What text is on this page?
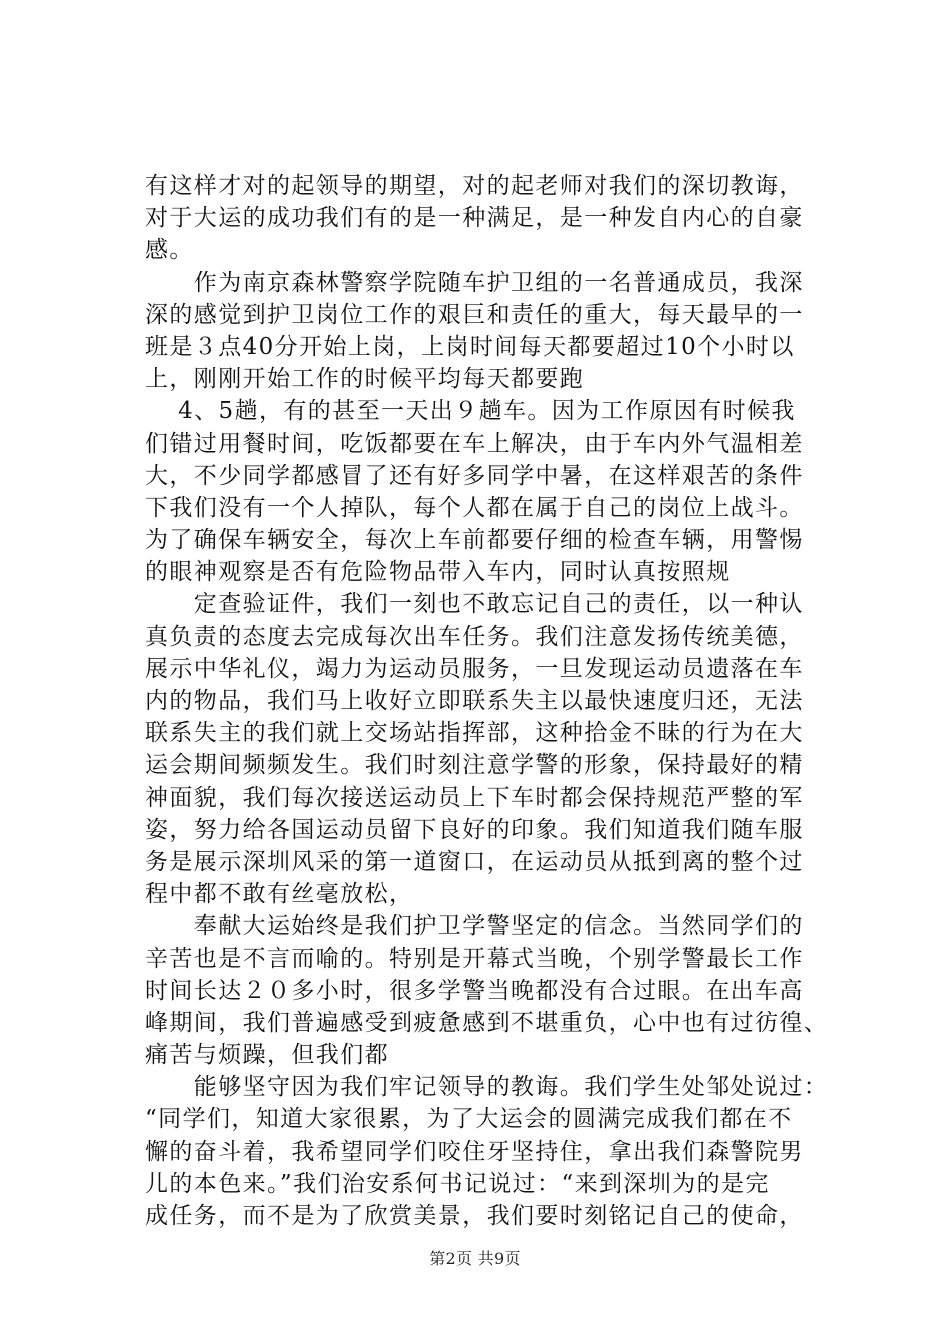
有这样才对的起领导的期望，对的起老师对我们的深切教诲，
对于大运的成功我们有的是一种满足，是一种发自内心的自豪
感。
　　作为南京森林警察学院随车护卫组的一名普通成员，我深
深的感觉到护卫岗位工作的艰巨和责任的重大，每天最早的一
班是３点40分开始上岗，上岗时间每天都要超过10个小时以
上，刚刚开始工作的时候平均每天都要跑
　 4、5趟，有的甚至一天出９趟车。因为工作原因有时候我
们错过用餐时间，吃饭都要在车上解决，由于车内外气温相差
大，不少同学都感冒了还有好多同学中暑，在这样艰苦的条件
下我们没有一个人掉队，每个人都在属于自己的岗位上战斗。
为了确保车辆安全，每次上车前都要仔细的检查车辆，用警惕
的眼神观察是否有危险物品带入车内，同时认真按照规
　　定查验证件，我们一刻也不敢忘记自己的责任，以一种认
真负责的态度去完成每次出车任务。我们注意发扬传统美德，
展示中华礼仪，竭力为运动员服务，一旦发现运动员遗落在车
内的物品，我们马上收好立即联系失主以最快速度归还，无法
联系失主的我们就上交场站指挥部，这种拾金不昧的行为在大
运会期间频频发生。我们时刻注意学警的形象，保持最好的精
神面貌，我们每次接送运动员上下车时都会保持规范严整的军
姿，努力给各国运动员留下良好的印象。我们知道我们随车服
务是展示深圳风采的第一道窗口，在运动员从抵到离的整个过
程中都不敢有丝毫放松，
　　奉献大运始终是我们护卫学警坚定的信念。当然同学们的
辛苦也是不言而喻的。特别是开幕式当晚，个别学警最长工作
时间长达２０多小时，很多学警当晚都没有合过眼。在出车高
峰期间，我们普遍感受到疲惫感到不堪重负，心中也有过彷徨、
痛苦与烦躁，但我们都
　　能够坚守因为我们牢记领导的教诲。我们学生处邹处说过：
“同学们，知道大家很累，为了大运会的圆满完成我们都在不
懈的奋斗着，我希望同学们咬住牙坚持住，拿出我们森警院男
儿的本色来。”我们治安系何书记说过：“来到深圳为的是完
成任务，而不是为了欣赏美景，我们要时刻铭记自己的使命，
第2页 共9页
